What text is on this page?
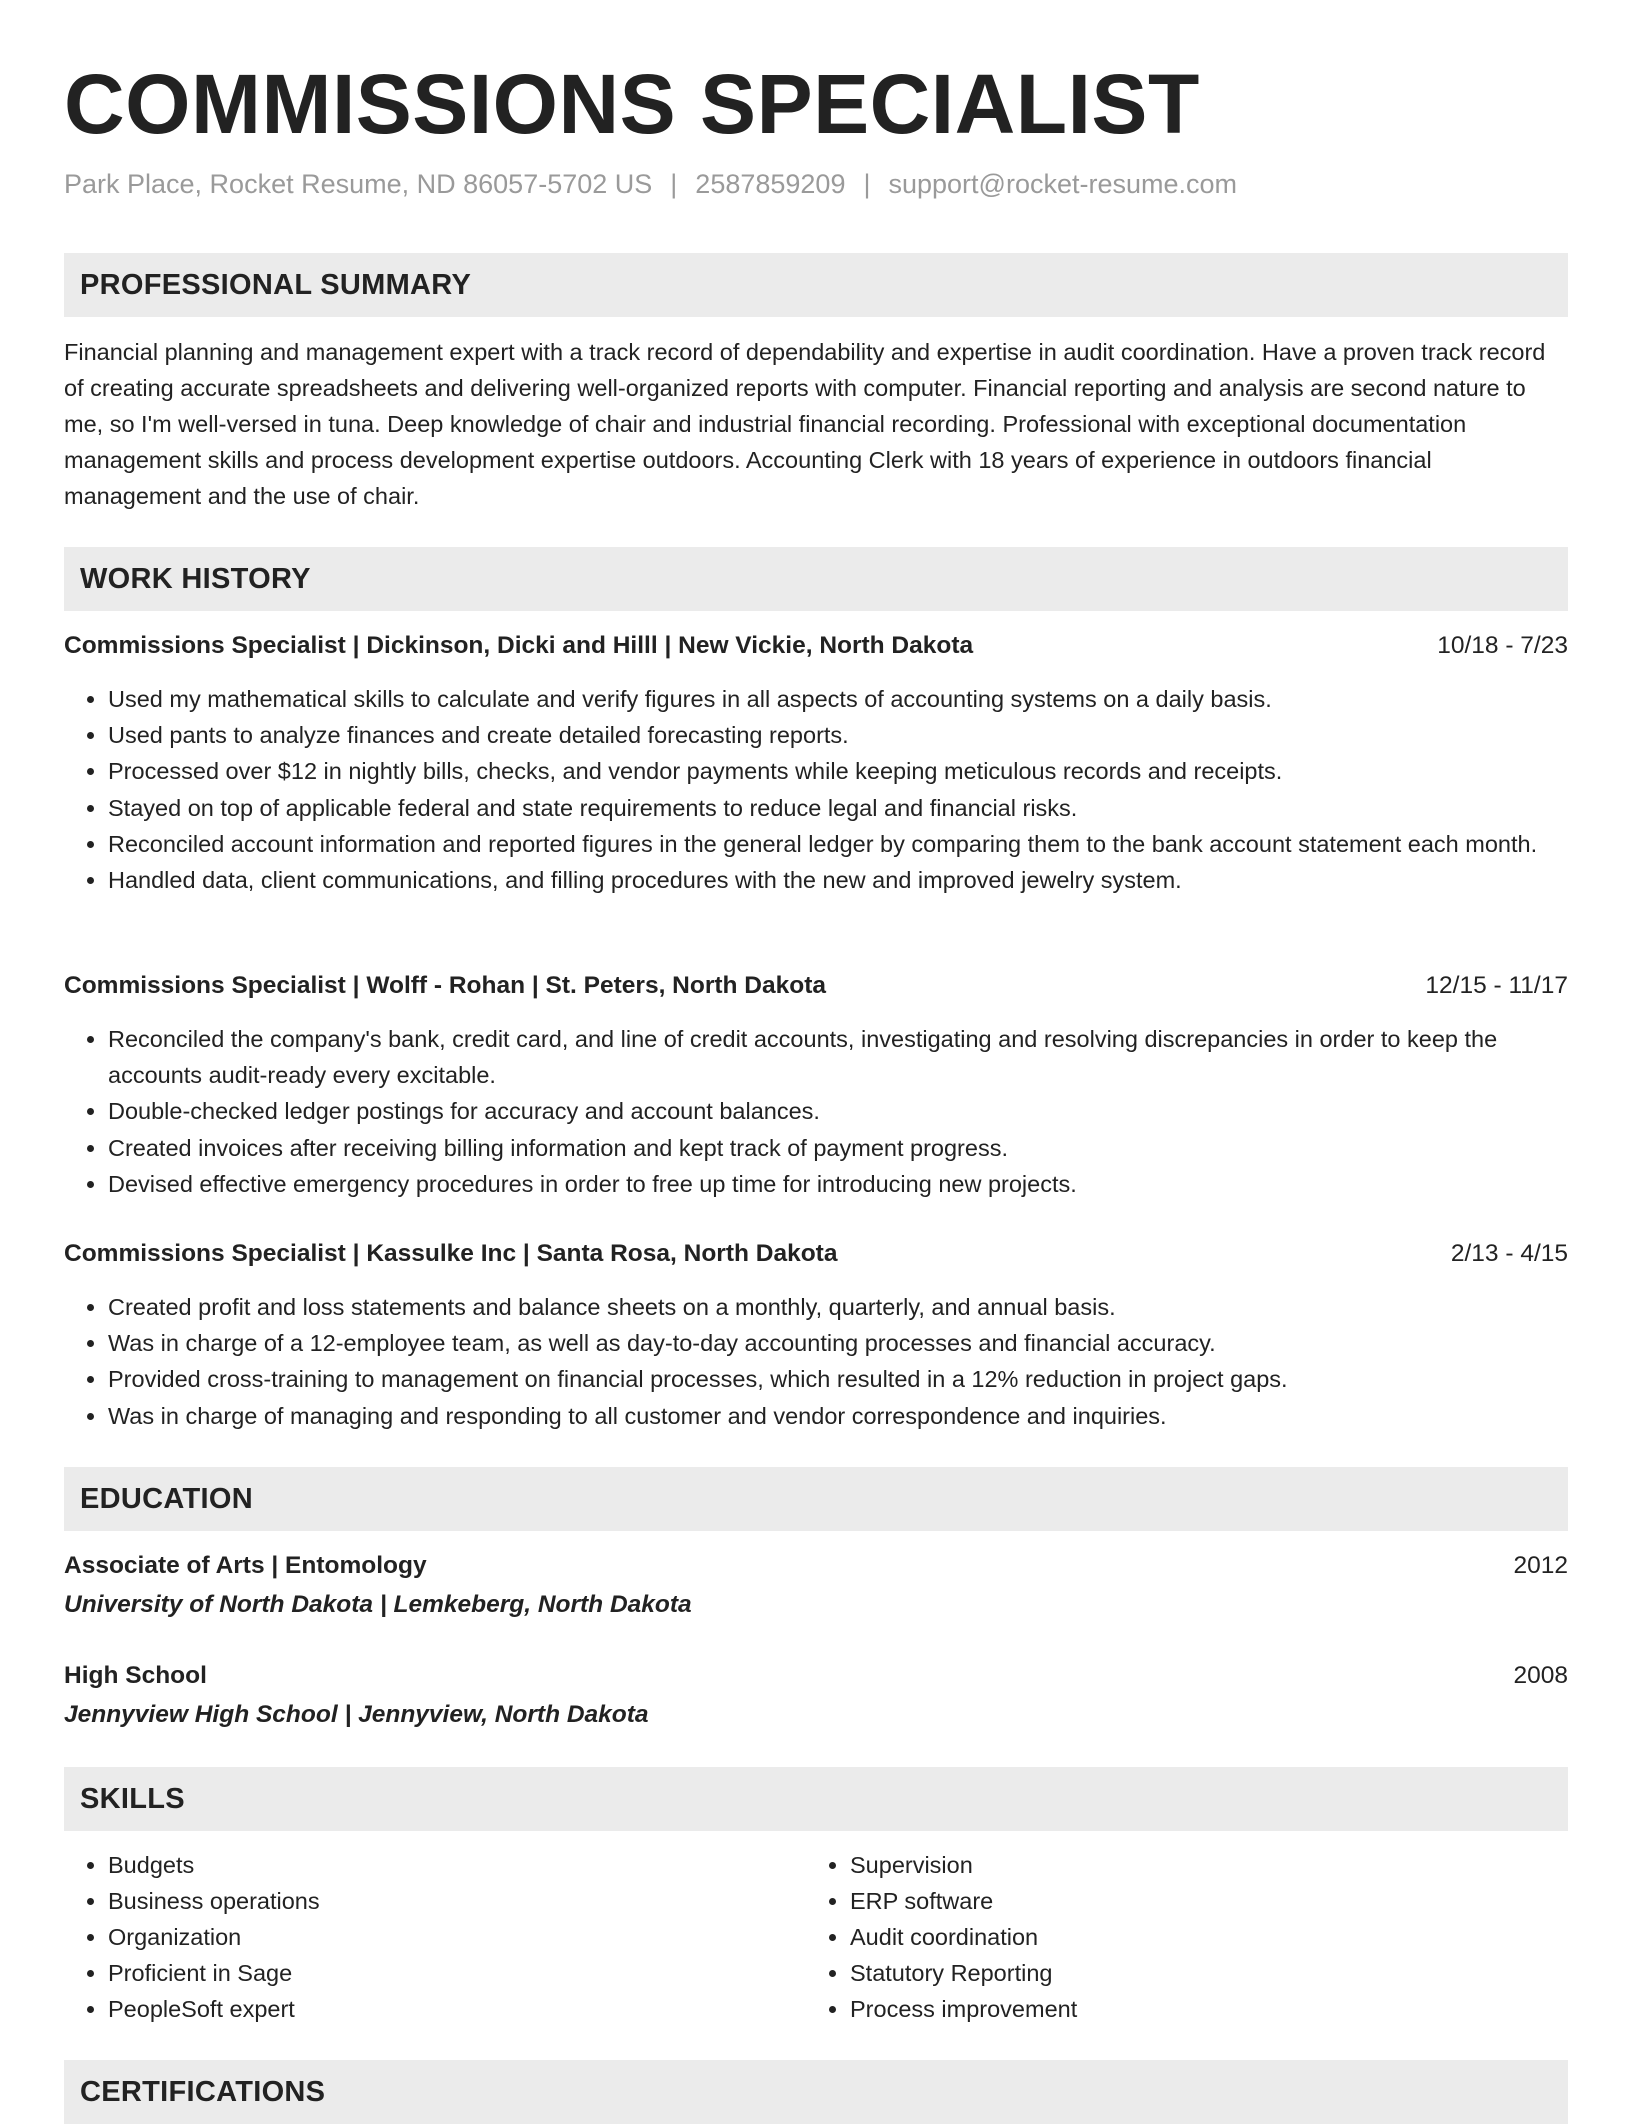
COMMISSIONS SPECIALIST
Park Place, Rocket Resume, ND 86057-5702 US | 2587859209 | support@rocket-resume.com
PROFESSIONAL SUMMARY

Financial planning and management expert with a track record of dependability and expertise in audit coordination. Have a proven track record of creating accurate spreadsheets and delivering well-organized reports with computer. Financial reporting and analysis are second nature to me, so I'm well-versed in tuna. Deep knowledge of chair and industrial financial recording. Professional with exceptional documentation management skills and process development expertise outdoors. Accounting Clerk with 18 years of experience in outdoors financial management and the use of chair.

WORK HISTORY
Commissions Specialist | Dickinson, Dicki and Hilll | New Vickie, North Dakota	10/18 - 7/23
• Used my mathematical skills to calculate and verify figures in all aspects of accounting systems on a daily basis.
• Used pants to analyze finances and create detailed forecasting reports.
• Processed over $12 in nightly bills, checks, and vendor payments while keeping meticulous records and receipts.
• Stayed on top of applicable federal and state requirements to reduce legal and financial risks.
• Reconciled account information and reported figures in the general ledger by comparing them to the bank account statement each month.
• Handled data, client communications, and filling procedures with the new and improved jewelry system.
Commissions Specialist | Wolff - Rohan | St. Peters, North Dakota	12/15 - 11/17
• Reconciled the company's bank, credit card, and line of credit accounts, investigating and resolving discrepancies in order to keep the accounts audit-ready every excitable.
• Double-checked ledger postings for accuracy and account balances.
• Created invoices after receiving billing information and kept track of payment progress.
• Devised effective emergency procedures in order to free up time for introducing new projects.
Commissions Specialist | Kassulke Inc | Santa Rosa, North Dakota	2/13 - 4/15
• Created profit and loss statements and balance sheets on a monthly, quarterly, and annual basis.
• Was in charge of a 12-employee team, as well as day-to-day accounting processes and financial accuracy.
• Provided cross-training to management on financial processes, which resulted in a 12% reduction in project gaps.
• Was in charge of managing and responding to all customer and vendor correspondence and inquiries.
EDUCATION
Associate of Arts | Entomology	2012
University of North Dakota | Lemkeberg, North Dakota
High School	2008
Jennyview High School | Jennyview, North Dakota
SKILLS
• Budgets
• Business operations
• Organization
• Proficient in Sage
• PeopleSoft expert
• Supervision
• ERP software
• Audit coordination
• Statutory Reporting
• Process improvement
CERTIFICATIONS
